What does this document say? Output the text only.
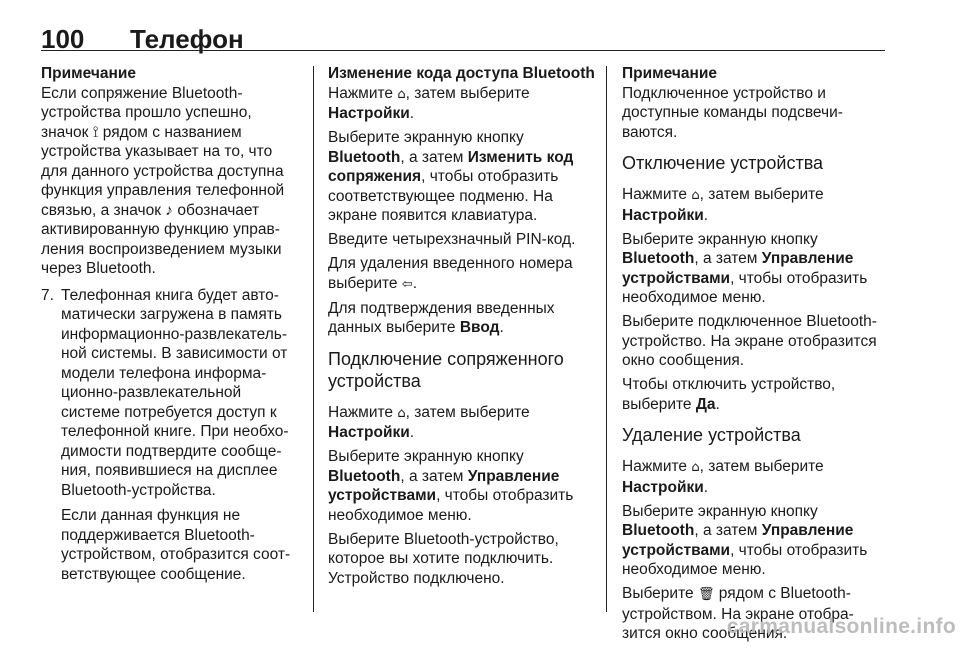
100 Телефон
Примечание

Если сопряжение Bluetooth-
устройства прошло успешно,
значок ⟟ рядом с названием
устройства указывает на то, что
для данного устройства доступна
функция управления телефонной
связью, а значок ♪ обозначает
активированную функцию управ-
ления воспроизведением музыки
через Bluetooth.

7. Телефонная книга будет авто-
матически загружена в память
информационно-развлекатель-
ной системы. В зависимости от
модели телефона информа-
ционно-развлекательной
системе потребуется доступ к
телефонной книге. При необхо-
димости подтвердите сообще-
ния, появившиеся на дисплее
Bluetooth-устройства.

Если данная функция не
поддерживается Bluetooth-
устройством, отобразится соот-
ветствующее сообщение.

Изменение кода доступа Bluetooth

Нажмите ⌂, затем выберите
Настройки.

Выберите экранную кнопку
Bluetooth, а затем Изменить код
сопряжения, чтобы отобразить
соответствующее подменю. На
экране появится клавиатура.

Введите четырехзначный PIN-код.

Для удаления введенного номера
выберите ⇦.

Для подтверждения введенных
данных выберите Ввод.

Подключение сопряженного
устройства

Нажмите ⌂, затем выберите
Настройки.

Выберите экранную кнопку
Bluetooth, а затем Управление
устройствами, чтобы отобразить
необходимое меню.

Выберите Bluetooth-устройство,
которое вы хотите подключить.
Устройство подключено.

Примечание

Подключенное устройство и
доступные команды подсвечи-
ваются.

Отключение устройства

Нажмите ⌂, затем выберите
Настройки.

Выберите экранную кнопку
Bluetooth, а затем Управление
устройствами, чтобы отобразить
необходимое меню.

Выберите подключенное Bluetooth-
устройство. На экране отобразится
окно сообщения.

Чтобы отключить устройство,
выберите Да.

Удаление устройства

Нажмите ⌂, затем выберите
Настройки.

Выберите экранную кнопку
Bluetooth, а затем Управление
устройствами, чтобы отобразить
необходимое меню.

Выберите 🗑 рядом с Bluetooth-
устройством. На экране отобра-
зится окно сообщения.

carmanualsonline.info
